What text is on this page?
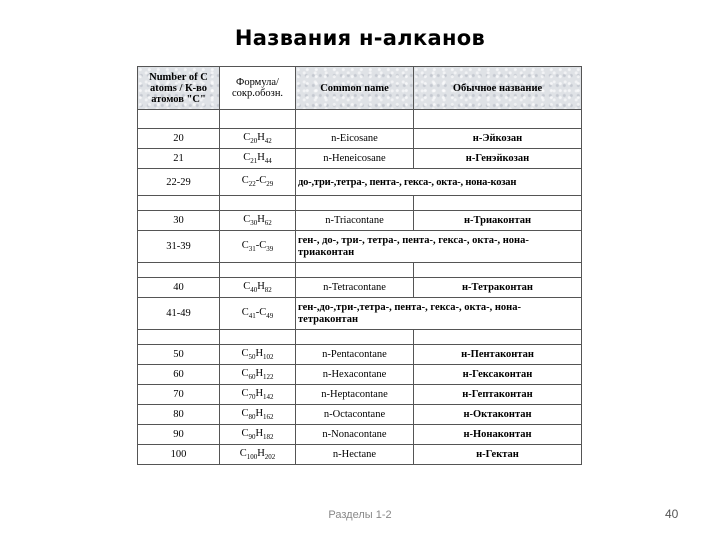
Названия н-алканов
Number of C atoms / К-во атомов "C"	Формула/ сокр.обозн.	Common name	Обычное название

20	$C_{20}H_{42}$	n-Eicosane	н-Эйкозан
21	$C_{21}H_{44}$	n-Heneicosane	н-Генэйкозан
22-29	$C_{22}-C_{29}$	до-,три-,тетра-, пента-, гекса-, окта-, нона-козан	

30	$C_{30}H_{62}$	n-Triacontane	н-Триаконтан
31-39	$C_{31}-C_{39}$	ген-, до-, три-, тетра-, пента-, гекса-, окта-, нона-триаконтан	

40	$C_{40}H_{82}$	n-Tetracontane	н-Тетраконтан
41-49	$C_{41}-C_{49}$	ген-,до-,три-,тетра-, пента-, гекса-, окта-, нона-тетраконтан	

50	$C_{50}H_{102}$	n-Pentacontane	н-Пентаконтан
60	$C_{60}H_{122}$	n-Hexacontane	н-Гексаконтан
70	$C_{70}H_{142}$	n-Heptacontane	н-Гептаконтан
80	$C_{80}H_{162}$	n-Octacontane	н-Октаконтан
90	$C_{90}H_{182}$	n-Nonacontane	н-Нонаконтан
100	$C_{100}H_{202}$	n-Hectane	н-Гектан
Разделы 1-2	40
